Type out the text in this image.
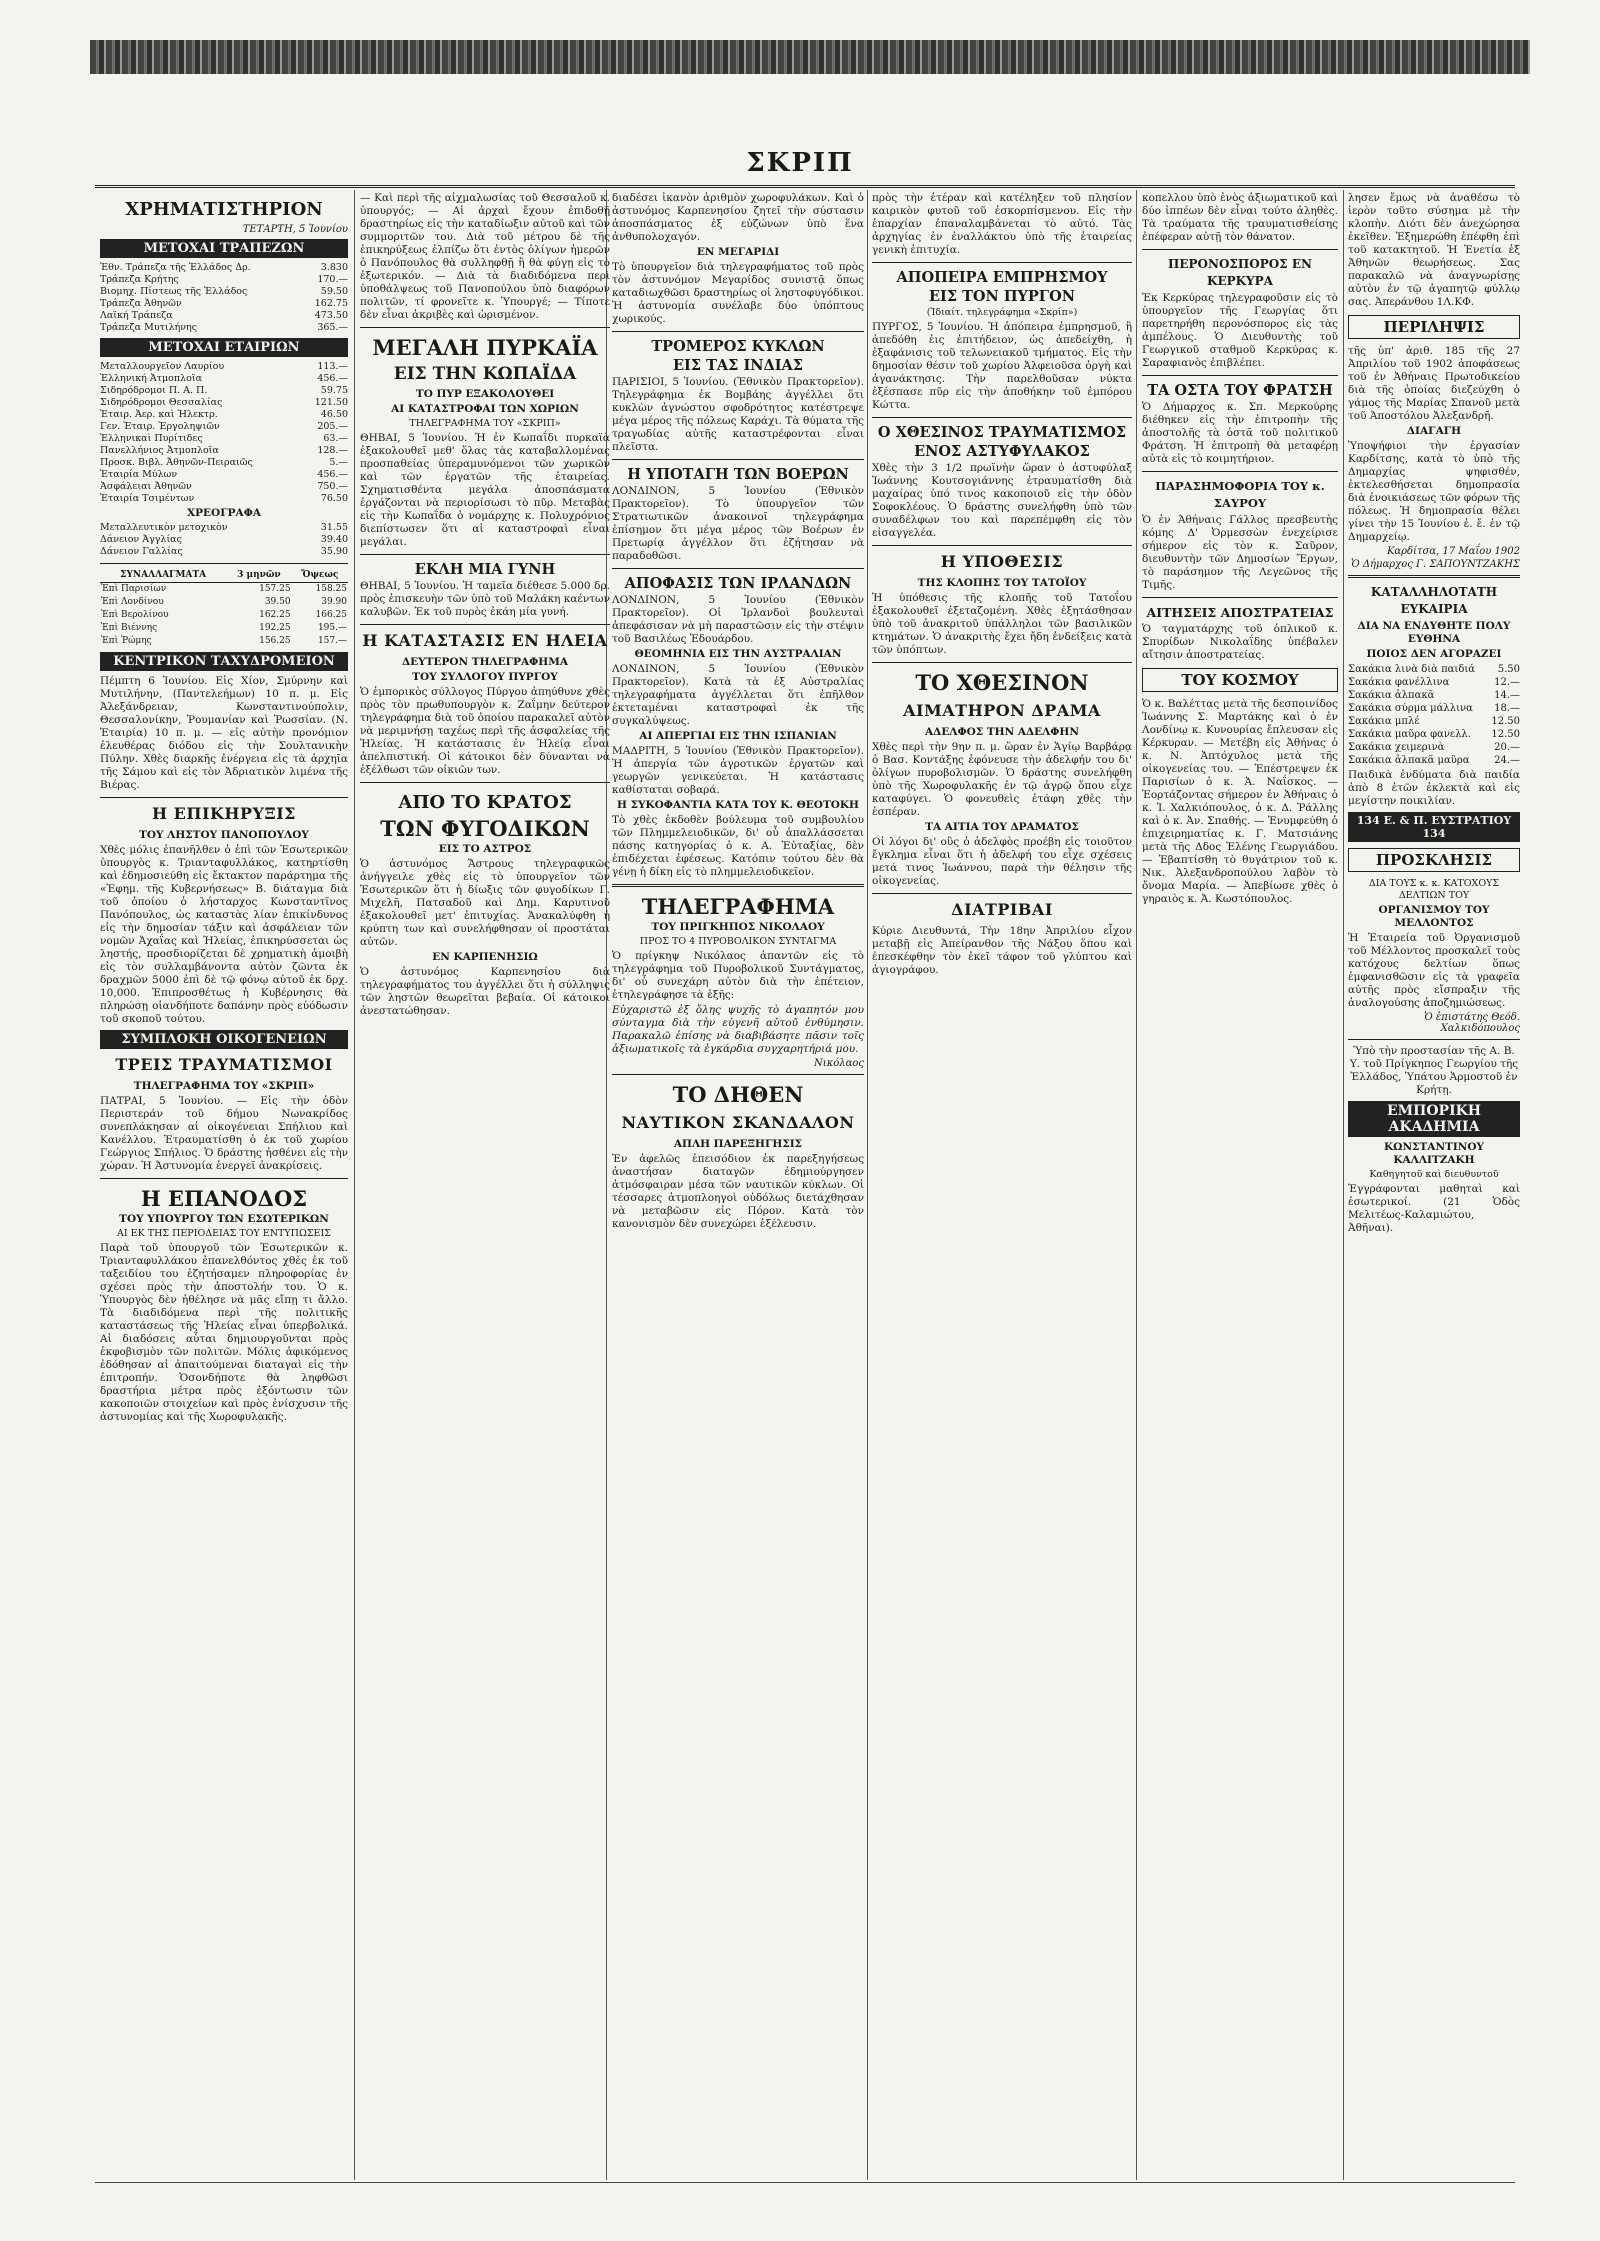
ΣΚΡΙΠ
ΧΡΗΜΑΤΙΣΤΗΡΙΟΝ
ΤΕΤΑΡΤΗ, 5 Ἰουνίου
ΜΕΤΟΧΑΙ ΤΡΑΠΕΖΩΝ
Ἐθν. Τράπεζα τῆς Ἑλλάδος Δρ.	3.830
Τράπεζα Κρήτης	170.—
Βιομηχ. Πίστεως τῆς Ἑλλάδος	59.50
Τράπεζα Ἀθηνῶν	162.75
Λαϊκή Τράπεζα	473.50
Τράπεζα Μυτιλήνης	365.—
ΜΕΤΟΧΑΙ ΕΤΑΙΡΙΩΝ
Μεταλλουργεῖον Λαυρίου	113.—
Ἑλληνική Ἀτμοπλοΐα	456.—
Σιδηρόδρομοι Π. Α. Π.	59.75
Σιδηρόδρομοι Θεσσαλίας	121.50
Ἑταιρ. Ἀερ. καὶ Ἠλεκτρ.	46.50
Γεν. Ἑταιρ. Ἐργοληψιῶν	205.—
Ἑλληνικαὶ Πυρίτιδες	63.—
Πανελλήνιος Ἀτμοπλοΐα	128.—
Προσκ. Βιβλ. Ἀθηνῶν-Πειραιῶς	5.—
Ἑταιρία Μύλων	456.—
Ἀσφάλειαι Ἀθηνῶν	750.—
Ἑταιρία Τσιμέντων	76.50
ΧΡΕΟΓΡΑΦΑ
Μεταλλευτικὸν μετοχικὸν	31.55
Δάνειον Ἀγγλίας	39.40
Δάνειον Γαλλίας	35.90
ΣΥΝΑΛΛΑΓΜΑΤΑ	3 μηνῶν	Ὄψεως
Ἐπὶ Παρισίων	157.25	158.25
Ἐπὶ Λονδίνου	39.50	39.90
Ἐπὶ Βερολίνου	162.25	166.25
Ἐπὶ Βιέννης	192.25	195.—
Ἐπὶ Ῥώμης	156.25	157.—
ΚΕΝΤΡΙΚΟΝ ΤΑΧΥΔΡΟΜΕΙΟΝ
Πέμπτη 6 Ἰουνίου. Εἰς Χίον, Σμύρνην καὶ Μυτιλήνην, (Παντελεήμων) 10 π. μ. Εἰς Ἀλεξάνδρειαν, Κωνσταντινούπολιν, Θεσσαλονίκην, Ῥουμανίαν καὶ Ῥωσσίαν. (Ν. Ἑταιρία) 10 π. μ. — εἰς αὐτὴν προνόμιον ἐλευθέρας διόδου εἰς τὴν Σουλτανικὴν Πύλην. Χθὲς διαρκῆς ἐνέργεια εἰς τὰ ἀρχηῖα τῆς Σάμου καὶ εἰς τὸν Ἀδριατικὸν λιμένα τῆς Βιέρας.
Η ΕΠΙΚΗΡΥΞΙΣ
ΤΟΥ ΛΗΣΤΟΥ ΠΑΝΟΠΟΥΛΟΥ
Χθὲς μόλις ἐπανῆλθεν ὁ ἐπὶ τῶν Ἐσωτερικῶν ὑπουργὸς κ. Τριανταφυλλάκος, κατηρτίσθη καὶ ἐδημοσιεύθη εἰς ἔκτακτον παράρτημα τῆς «Ἐφημ. τῆς Κυβερνήσεως» Β. διάταγμα διὰ τοῦ ὁποίου ὁ λήσταρχος Κωνσταντῖνος Πανόπουλος, ὡς καταστὰς λίαν ἐπικίνδυνος εἰς τὴν δημοσίαν τάξιν καὶ ἀσφάλειαν τῶν νομῶν Ἀχαΐας καὶ Ἠλείας, ἐπικηρύσσεται ὡς ληστής, προσδιορίζεται δὲ χρηματικὴ ἀμοιβὴ εἰς τὸν συλλαμβάνοντα αὐτὸν ζῶντα ἐκ δραχμῶν 5000 ἐπὶ δὲ τῷ φόνῳ αὐτοῦ ἐκ δρχ. 10,000. Ἐπιπροσθέτως ἡ Κυβέρνησις θὰ πληρώσῃ οἱανδήποτε δαπάνην πρὸς εὐόδωσιν τοῦ σκοποῦ τούτου.
ΣΥΜΠΛΟΚΗ ΟΙΚΟΓΕΝΕΙΩΝ
ΤΡΕΙΣ ΤΡΑΥΜΑΤΙΣΜΟΙ
ΤΗΛΕΓΡΑΦΗΜΑ ΤΟΥ «ΣΚΡΙΠ»
ΠΑΤΡΑΙ, 5 Ἰουνίου. — Εἰς τὴν ὁδὸν Περιστεράν τοῦ δήμου Νωνακρίδος συνεπλάκησαν αἱ οἰκογένειαι Σπήλιου καὶ Κανέλλου. Ἐτραυματίσθη ὁ ἐκ τοῦ χωρίου Γεώργιος Σπήλιος. Ὁ δράστης ἠσθένει εἰς τὴν χώραν. Ἡ Ἀστυνομία ἐνεργεῖ ἀνακρίσεις.
Η ΕΠΑΝΟΔΟΣ
ΤΟΥ ΥΠΟΥΡΓΟΥ ΤΩΝ ΕΣΩΤΕΡΙΚΩΝ
ΑΙ ΕΚ ΤΗΣ ΠΕΡΙΟΔΕΙΑΣ ΤΟΥ ΕΝΤΥΠΩΣΕΙΣ
Παρὰ τοῦ ὑπουργοῦ τῶν Ἐσωτερικῶν κ. Τριανταφυλλάκου ἐπανελθόντος χθὲς ἐκ τοῦ ταξειδίου του ἐζητήσαμεν πληροφορίας ἐν σχέσει πρὸς τὴν ἀποστολήν του. Ὁ κ. Ὑπουργὸς δὲν ἠθέλησε νὰ μᾶς εἴπῃ τι ἄλλο. Τὰ διαδιδόμενα περὶ τῆς πολιτικῆς καταστάσεως τῆς Ἠλείας εἶναι ὑπερβολικά. Αἱ διαδόσεις αὗται δημιουργοῦνται πρὸς ἐκφοβισμὸν τῶν πολιτῶν. Μόλις ἀφικόμενος ἐδόθησαν αἱ ἀπαιτούμεναι διαταγαὶ εἰς τὴν ἐπιτροπήν. Ὁσονδήποτε θὰ ληφθῶσι δραστήρια μέτρα πρὸς ἐξόντωσιν τῶν κακοποιῶν στοιχείων καὶ πρὸς ἐνίσχυσιν τῆς ἀστυνομίας καὶ τῆς Χωροφυλακῆς.
— Καὶ περὶ τῆς αἰχμαλωσίας τοῦ Θεσσαλοῦ κ. ὑπουργός; — Αἱ ἀρχαὶ ἔχουν ἐπιδοθῇ δραστηρίως εἰς τὴν καταδίωξιν αὐτοῦ καὶ τῶν συμμοριτῶν του. Διὰ τοῦ μέτρου δὲ τῆς ἐπικηρύξεως ἐλπίζω ὅτι ἐντὸς ὀλίγων ἡμερῶν ὁ Πανόπουλος θὰ συλληφθῇ ἢ θὰ φύγῃ εἰς τὸ ἐξωτερικόν. — Διὰ τὰ διαδιδόμενα περὶ ὑποθάλψεως τοῦ Πανοπούλου ὑπὸ διαφόρων πολιτῶν, τί φρονεῖτε κ. Ὑπουργέ; — Τίποτε δὲν εἶναι ἀκριβὲς καὶ ὡρισμένον.
ΜΕΓΑΛΗ ΠΥΡΚΑΪΑ
ΕΙΣ ΤΗΝ ΚΩΠΑΪΔΑ
ΤΟ ΠΥΡ ΕΞΑΚΟΛΟΥΘΕΙ
ΑΙ ΚΑΤΑΣΤΡΟΦΑΙ ΤΩΝ ΧΩΡΙΩΝ
ΤΗΛΕΓΡΑΦΗΜΑ ΤΟΥ «ΣΚΡΙΠ»
ΘΗΒΑΙ, 5 Ἰουνίου. Ἡ ἐν Κωπαΐδι πυρκαϊὰ ἐξακολουθεῖ μεθ' ὅλας τὰς καταβαλλομένας προσπαθείας ὑπεραμυνόμενοι τῶν χωρικῶν καὶ τῶν ἐργατῶν τῆς ἑταιρείας. Σχηματισθέντα μεγάλα ἀποσπάσματα ἐργάζονται νὰ περιορίσωσι τὸ πῦρ. Μεταβὰς εἰς τὴν Κωπαΐδα ὁ νομάρχης κ. Πολυχρόνιος διεπίστωσεν ὅτι αἱ καταστροφαὶ εἶναι μεγάλαι.
ΕΚΛΗ ΜΙΑ ΓΥΝΗ
ΘΗΒΑΙ, 5 Ἰουνίου. Ἡ ταμεῖα διέθεσε 5.000 δρ. πρὸς ἐπισκευὴν τῶν ὑπὸ τοῦ Μαλάκη καέντων καλυβῶν. Ἐκ τοῦ πυρὸς ἐκάη μία γυνή.
Η ΚΑΤΑΣΤΑΣΙΣ ΕΝ ΗΛΕΙΑ
ΔΕΥΤΕΡΟΝ ΤΗΛΕΓΡΑΦΗΜΑ
ΤΟΥ ΣΥΛΛΟΓΟΥ ΠΥΡΓΟΥ
Ὁ ἐμπορικὸς σύλλογος Πύργου ἀπηύθυνε χθὲς πρὸς τὸν πρωθυπουργὸν κ. Ζαΐμην δεύτερον τηλεγράφημα διὰ τοῦ ὁποίου παρακαλεῖ αὐτὸν νὰ μεριμνήσῃ ταχέως περὶ τῆς ἀσφαλείας τῆς Ἠλείας. Ἡ κατάστασις ἐν Ἠλείᾳ εἶναι ἀπελπιστική. Οἱ κάτοικοι δὲν δύνανται νὰ ἐξέλθωσι τῶν οἰκιῶν των.
ΑΠΟ ΤΟ ΚΡΑΤΟΣ
ΤΩΝ ΦΥΓΟΔΙΚΩΝ
ΕΙΣ ΤΟ ΑΣΤΡΟΣ
Ὁ ἀστυνόμος Ἄστρους τηλεγραφικῶς ἀνήγγειλε χθὲς εἰς τὸ ὑπουργεῖον τῶν Ἐσωτερικῶν ὅτι ἡ δίωξις τῶν φυγοδίκων Γ. Μιχελῆ, Πατσαδοῦ καὶ Δημ. Καρυτινοῦ ἐξακολουθεῖ μετ' ἐπιτυχίας. Ἀνακαλύφθη ἡ κρύπτη των καὶ συνελήφθησαν οἱ προστάται αὐτῶν.
ΕΝ ΚΑΡΠΕΝΗΣΙΩ
Ὁ ἀστυνόμος Καρπενησίου διὰ τηλεγραφήματος του ἀγγέλλει ὅτι ἡ σύλληψις τῶν ληστῶν θεωρεῖται βεβαία. Οἱ κάτοικοι ἀνεστατώθησαν.
διαδέσει ἱκανὸν ἀριθμὸν χωροφυλάκων. Καὶ ὁ ἀστυνόμος Καρπενησίου ζητεῖ τὴν σύστασιν ἀποσπάσματος ἐξ εὐζώνων ὑπὸ ἕνα ἀνθυπολοχαγόν.
ΕΝ ΜΕΓΑΡΙΔΙ
Τὸ ὑπουργεῖον διὰ τηλεγραφήματος τοῦ πρὸς τὸν ἀστυνόμον Μεγαρίδος συνιστᾷ ὅπως καταδιωχθῶσι δραστηρίως οἱ ληστοφυγόδικοι. Ἡ ἀστυνομία συνέλαβε δύο ὑπόπτους χωρικούς.
ΤΡΟΜΕΡΟΣ ΚΥΚΛΩΝ
ΕΙΣ ΤΑΣ ΙΝΔΙΑΣ
ΠΑΡΙΣΙΟΙ, 5 Ἰουνίου. (Ἐθνικὸν Πρακτορεῖον). Τηλεγράφημα ἐκ Βομβάης ἀγγέλλει ὅτι κυκλὼν ἀγνώστου σφοδρότητος κατέστρεψε μέγα μέρος τῆς πόλεως Καράχι. Τὰ θύματα τῆς τραγωδίας αὐτῆς καταστρέφονται εἶναι πλεῖστα.
Η ΥΠΟΤΑΓΗ ΤΩΝ ΒΟΕΡΩΝ
ΛΟΝΔΙΝΟΝ, 5 Ἰουνίου (Ἐθνικὸν Πρακτορεῖον). Τὸ ὑπουργεῖον τῶν Στρατιωτικῶν ἀνακοινοῖ τηλεγράφημα ἐπίσημον ὅτι μέγα μέρος τῶν Βοέρων ἐν Πρετωρίᾳ ἀγγέλλον ὅτι ἐζήτησαν νὰ παραδοθῶσι.
ΑΠΟΦΑΣΙΣ ΤΩΝ ΙΡΛΑΝΔΩΝ
ΛΟΝΔΙΝΟΝ, 5 Ἰουνίου (Ἐθνικὸν Πρακτορεῖον). Οἱ Ἰρλανδοὶ βουλευταὶ ἀπεφάσισαν νὰ μὴ παραστῶσιν εἰς τὴν στέψιν τοῦ Βασιλέως Ἐδουάρδου.
ΘΕΟΜΗΝΙΑ ΕΙΣ ΤΗΝ ΑΥΣΤΡΑΛΙΑΝ
ΛΟΝΔΙΝΟΝ, 5 Ἰουνίου (Ἐθνικὸν Πρακτορεῖον). Κατὰ τὰ ἐξ Αὐστραλίας τηλεγραφήματα ἀγγέλλεται ὅτι ἐπῆλθον ἐκτεταμέναι καταστροφαὶ ἐκ τῆς συγκαλύψεως.
ΑΙ ΑΠΕΡΓΙΑΙ ΕΙΣ ΤΗΝ ΙΣΠΑΝΙΑΝ
ΜΑΔΡΙΤΗ, 5 Ἰουνίου (Ἐθνικὸν Πρακτορεῖον). Ἡ ἀπεργία τῶν ἀγροτικῶν ἐργατῶν καὶ γεωργῶν γενικεύεται. Ἡ κατάστασις καθίσταται σοβαρά.
Η ΣΥΚΟΦΑΝΤΙΑ ΚΑΤΑ ΤΟΥ Κ. ΘΕΟΤΟΚΗ
Τὸ χθὲς ἐκδοθὲν βούλευμα τοῦ συμβουλίου τῶν Πλημμελειοδικῶν, δι' οὗ ἀπαλλάσσεται πάσης κατηγορίας ὁ κ. Α. Ἐὐταξίας, δὲν ἐπιδέχεται ἐφέσεως. Κατόπιν τούτου δὲν θὰ γένῃ ἡ δίκη εἰς τὸ πλημμελειοδικεῖον.
ΤΗΛΕΓΡΑΦΗΜΑ
ΤΟΥ ΠΡΙΓΚΗΠΟΣ ΝΙΚΟΛΑΟΥ
ΠΡΟΣ ΤΟ 4 ΠΥΡΟΒΟΛΙΚΟΝ ΣΥΝΤΑΓΜΑ
Ὁ πρίγκηψ Νικόλαος ἀπαντῶν εἰς τὸ τηλεγράφημα τοῦ Πυροβολικοῦ Συντάγματος, δι' οὗ συνεχάρη αὐτὸν διὰ τὴν ἐπέτειον, ἐτηλεγράφησε τὰ ἑξῆς:
Εὐχαριστῶ ἐξ ὅλης ψυχῆς τὸ ἀγαπητόν μου σύνταγμα διὰ τὴν εὐγενῆ αὐτοῦ ἐνθύμησιν. Παρακαλῶ ἐπίσης νὰ διαβιβάσητε πᾶσιν τοῖς ἀξιωματικοῖς τὰ ἐγκάρδια συγχαρητήριά μου.
Νικόλαος
ΤΟ ΔΗΘΕΝ
ΝΑΥΤΙΚΟΝ ΣΚΑΝΔΑΛΟΝ
ΑΠΛΗ ΠΑΡΕΞΗΓΗΣΙΣ
Ἐν ἀφελῶς ἐπεισόδιον ἐκ παρεξηγήσεως ἀναστήσαν διαταγῶν ἐδημιούργησεν ἀτμόσφαιραν μέσα τῶν ναυτικῶν κύκλων. Οἱ τέσσαρες ἀτμοπλοηγοὶ οὐδόλως διετάχθησαν νὰ μεταβῶσιν εἰς Πόρον. Κατὰ τὸν κανονισμὸν δὲν συνεχώρει ἐξέλευσιν.
πρὸς τὴν ἑτέραν καὶ κατέληξεν τοῦ πλησίον καιρικὸν φυτοῦ τοῦ ἐσκορπίσμενου. Εἰς τὴν ἐπαρχίαν ἐπαναλαμβάνεται τὸ αὐτό. Τὰς ἀρχηγίας ἐν ἐναλλάκτου ὑπὸ τῆς ἑταιρείας γενικὴ ἐπιτυχία.
ΑΠΟΠΕΙΡΑ ΕΜΠΡΗΣΜΟΥ
ΕΙΣ ΤΟΝ ΠΥΡΓΟΝ
(Ἰδιαίτ. τηλεγράφημα «Σκρίπ»)
ΠΥΡΓΟΣ, 5 Ἰουνίου. Ἡ ἀπόπειρα ἐμπρησμοῦ, ἣ ἀπεδόθη ἐις ἐπιτήδειον, ὡς ἀπεδείχθη, ἡ ἐξαφάνισις τοῦ τελωνειακοῦ τμήματος. Εἰς τὴν δημοσίαν θέσιν τοῦ χωρίου Ἀλφειοῦσα ὀργὴ καὶ ἀγανάκτησις. Τὴν παρελθοῦσαν νύκτα ἐξέσπασε πῦρ εἰς τὴν ἀποθήκην τοῦ ἐμπόρου Κώττα.
Ο ΧΘΕΣΙΝΟΣ ΤΡΑΥΜΑΤΙΣΜΟΣ
ΕΝΟΣ ΑΣΤΥΦΥΛΑΚΟΣ
Χθὲς τὴν 3 1/2 πρωϊνὴν ὥραν ὁ ἀστυφύλαξ Ἰωάννης Κουτσογιάννης ἐτραυματίσθη διὰ μαχαίρας ὑπό τινος κακοποιοῦ εἰς τὴν ὁδὸν Σοφοκλέους. Ὁ δράστης συνελήφθη ὑπὸ τῶν συναδέλφων του καὶ παρεπέμφθη εἰς τὸν εἰσαγγελέα.
Η ΥΠΟΘΕΣΙΣ
ΤΗΣ ΚΛΟΠΗΣ ΤΟΥ ΤΑΤΟΪΟΥ
Ἡ ὑπόθεσις τῆς κλοπῆς τοῦ Τατοΐου ἐξακολουθεῖ ἐξεταζομένη. Χθὲς ἐξητάσθησαν ὑπὸ τοῦ ἀνακριτοῦ ὑπάλληλοι τῶν βασιλικῶν κτημάτων. Ὁ ἀνακριτὴς ἔχει ἤδη ἐνδείξεις κατὰ τῶν ὑπόπτων.
ΤΟ ΧΘΕΣΙΝΟΝ
ΑΙΜΑΤΗΡΟΝ ΔΡΑΜΑ
ΑΔΕΛΦΟΣ ΤΗΝ ΑΔΕΛΦΗΝ
Χθὲς περὶ τὴν 9ην π. μ. ὥραν ἐν Ἁγίῳ Βαρβάρᾳ ὁ Βασ. Κοντάξης ἐφόνευσε τὴν ἀδελφήν του δι' ὀλίγων πυροβολισμῶν. Ὁ δράστης συνελήφθη ὑπὸ τῆς Χωροφυλακῆς ἐν τῷ ἀγρῷ ὅπου εἶχε καταφύγει. Ὁ φονευθεὶς ἐτάφη χθὲς τὴν ἑσπέραν.
ΤΑ ΑΙΤΙΑ ΤΟΥ ΔΡΑΜΑΤΟΣ
Οἱ λόγοι δι' οὓς ὁ ἀδελφὸς προέβη εἰς τοιοῦτον ἔγκλημα εἶναι ὅτι ἡ ἀδελφή του εἶχε σχέσεις μετά τινος Ἰωάννου, παρὰ τὴν θέλησιν τῆς οἰκογενείας.
ΔΙΑΤΡΙΒΑΙ
Κύριε Διευθυντά, Τὴν 18ην Ἀπριλίου εἶχον μεταβῇ εἰς Ἀπείρανθον τῆς Νάξου ὅπου καὶ ἐπεσκέφθην τὸν ἐκεῖ τάφον τοῦ γλύπτου καὶ ἀγιογράφου.
κοπελλου ὑπὸ ἑνὸς ἀξιωματικοῦ καὶ δύο ἱππέων δὲν εἶναι τούτο ἀληθὲς. Τὰ τραύματα τῆς τραυματισθείσης ἐπέφεραν αὐτῇ τὸν θάνατον.
ΠΕΡΟΝΟΣΠΟΡΟΣ ΕΝ ΚΕΡΚΥΡΑ
Ἐκ Κερκύρας τηλεγραφοῦσιν εἰς τὸ ὑπουργεῖον τῆς Γεωργίας ὅτι παρετηρήθη περονόσπορος εἰς τὰς ἀμπέλους. Ὁ Διευθυντὴς τοῦ Γεωργικοῦ σταθμοῦ Κερκύρας κ. Σαραφιανὸς ἐπιβλέπει.
ΤΑ ΟΣΤΑ ΤΟΥ ΦΡΑΤΣΗ
Ὁ Δήμαρχος κ. Σπ. Μερκούρης διέθηκεν εἰς τὴν ἐπιτροπὴν τῆς ἀποστολῆς τὰ ὀστᾶ τοῦ πολιτικοῦ Φράτση. Ἡ ἐπιτροπὴ θὰ μεταφέρῃ αὐτὰ εἰς τὸ κοιμητήριον.
ΠΑΡΑΣΗΜΟΦΟΡΙΑ ΤΟΥ κ. ΣΑΥΡΟΥ
Ὁ ἐν Ἀθήναις Γάλλος πρεσβευτὴς κόμης Δ' Ὀρμεσσὼν ἐνεχείρισε σήμερον εἰς τὸν κ. Σαῦρον, διευθυντὴν τῶν Δημοσίων Ἔργων, τὸ παράσημον τῆς Λεγεῶνος τῆς Τιμῆς.
ΑΙΤΗΣΕΙΣ ΑΠΟΣΤΡΑΤΕΙΑΣ
Ὁ ταγματάρχης τοῦ ὁπλικοῦ κ. Σπυρίδων Νικολαΐδης ὑπέβαλεν αἴτησιν ἀποστρατείας.
ΤΟΥ ΚΟΣΜΟΥ
Ὁ κ. Βαλέττας μετὰ τῆς δεσποινίδος Ἰωάννης Σ. Μαρτάκης καὶ ὁ ἐν Λονδίνῳ κ. Κυνουρίας ἔπλευσαν εἰς Κέρκυραν. — Μετέβη εἰς Ἀθήνας ὁ κ. Ν. Ἀπτόχυλος μετὰ τῆς οἰκογενείας του. — Ἐπέστρεψεν ἐκ Παρισίων ὁ κ. Ἀ. Ναΐσκος. — Ἑορτάζοντας σήμερον ἐν Ἀθήναις ὁ κ. Ἰ. Χαλκιόπουλος, ὁ κ. Δ. Ῥάλλης καὶ ὁ κ. Ἀν. Σπαθής. — Ἐνυμφεύθη ὁ ἐπιχειρηματίας κ. Γ. Ματσιάνης μετὰ τῆς Δδος Ἑλένης Γεωργιάδου. — Ἐβαπτίσθη τὸ θυγάτριον τοῦ κ. Νικ. Ἀλεξανδροπούλου λαβὸν τὸ ὄνομα Μαρία. — Ἀπεβίωσε χθὲς ὁ γηραιὸς κ. Ἀ. Κωστόπουλος.
λησεν ἔμως νὰ ἀναθέσω τὸ ἱερὸν τοῦτο σύσημα μὲ τὴν κλοπὴν. Διότι δὲν ἀνεχώρησα ἐκεῖθεν. Ἐξημερώθη ἐπέφθη ἐπὶ τοῦ κατακτητοῦ. Ἡ Ἑνετία ἐξ Ἀθηνῶν θεωρήσεως. Σας παρακαλῶ νὰ ἀναγνωρίσῃς αὐτὸν ἐν τῷ ἀγαπητῷ φύλλῳ σας. Ἀπεράνθου 1Λ.ΚΦ.
ΠΕΡΙΛΗΨΙΣ
τῆς ὑπ' ἀριθ. 185 τῆς 27 Ἀπριλίου τοῦ 1902 ἀποφάσεως τοῦ ἐν Ἀθήναις Πρωτοδικείου διὰ τῆς ὁποίας διεζεύχθη ὁ γάμος τῆς Μαρίας Σπανοῦ μετὰ τοῦ Ἀποστόλου Ἀλεξανδρῆ.
ΔΙΑΓΑΓΗ
Ὑποψήφιοι τὴν ἐργασίαν Καρδίτσης, κατὰ τὸ ὑπὸ τῆς Δημαρχίας ψηφισθέν, ἐκτελεσθήσεται δημοπρασία διὰ ἐνοικιάσεως τῶν φόρων τῆς πόλεως. Ἡ δημοπρασία θέλει γίνει τὴν 15 Ἰουνίου ἐ. ἔ. ἐν τῷ Δημαρχείῳ.
Καρδίτσα, 17 Μαΐου 1902
Ὁ Δήμαρχος Γ. ΣΑΠΟΥΝΤΖΑΚΗΣ
ΚΑΤΑΛΛΗΛΟΤΑΤΗ ΕΥΚΑΙΡΙΑ
ΔΙΑ ΝΑ ΕΝΔΥΘΗΤΕ ΠΟΛΥ ΕΥΘΗΝΑ
ΠΟΙΟΣ ΔΕΝ ΑΓΟΡΑΖΕΙ
Σακάκια λινὰ διὰ παιδιά	5.50
Σακάκια φανέλλινα	12.—
Σακάκια ἀλπακᾶ	14.—
Σακάκια σύρμα μάλλινα	18.—
Σακάκια μπλέ	12.50
Σακάκια μαῦρα φανελλ.	12.50
Σακάκια χειμερινὰ	20.—
Σακάκια ἀλπακᾶ μαῦρα	24.—
Παιδικὰ ἐνδύματα διὰ παιδία ἀπὸ 8 ἐτῶν ἐκλεκτὰ καὶ εἰς μεγίστην ποικιλίαν.
134 Ε. & Π. ΕΥΣΤΡΑΤΙΟΥ 134
ΠΡΟΣΚΛΗΣΙΣ
ΔΙΑ ΤΟΥΣ κ. κ. ΚΑΤΟΧΟΥΣ ΔΕΛΤΙΩΝ ΤΟΥ
ΟΡΓΑΝΙΣΜΟΥ ΤΟΥ ΜΕΛΛΟΝΤΟΣ
Ἡ Ἐταιρεία τοῦ Ὀργανισμοῦ τοῦ Μέλλοντος προσκαλεῖ τοὺς κατόχους δελτίων ὅπως ἐμφανισθῶσιν εἰς τὰ γραφεῖα αὐτῆς πρὸς εἴσπραξιν τῆς ἀναλογούσης ἀποζημιώσεως.
Ὁ ἐπιστάτης Θεόδ. Χαλκιδόπουλος
Ὑπὸ τὴν προστασίαν τῆς Α. Β. Υ. τοῦ Πρίγκηπος Γεωργίου τῆς Ἑλλάδος, Ὑπάτου Ἁρμοστοῦ ἐν Κρήτῃ.
ΕΜΠΟΡΙΚΗ ΑΚΑΔΗΜΙΑ
ΚΩΝΣΤΑΝΤΙΝΟΥ ΚΑΛΛΙΤΖΑΚΗ
Καθηγητοῦ καὶ διευθυντοῦ
Ἐγγράφονται μαθηταὶ καὶ ἐσωτερικοί. (21 Ὁδὸς Μελιτέως-Καλαμιώτου, Ἀθῆναι).
